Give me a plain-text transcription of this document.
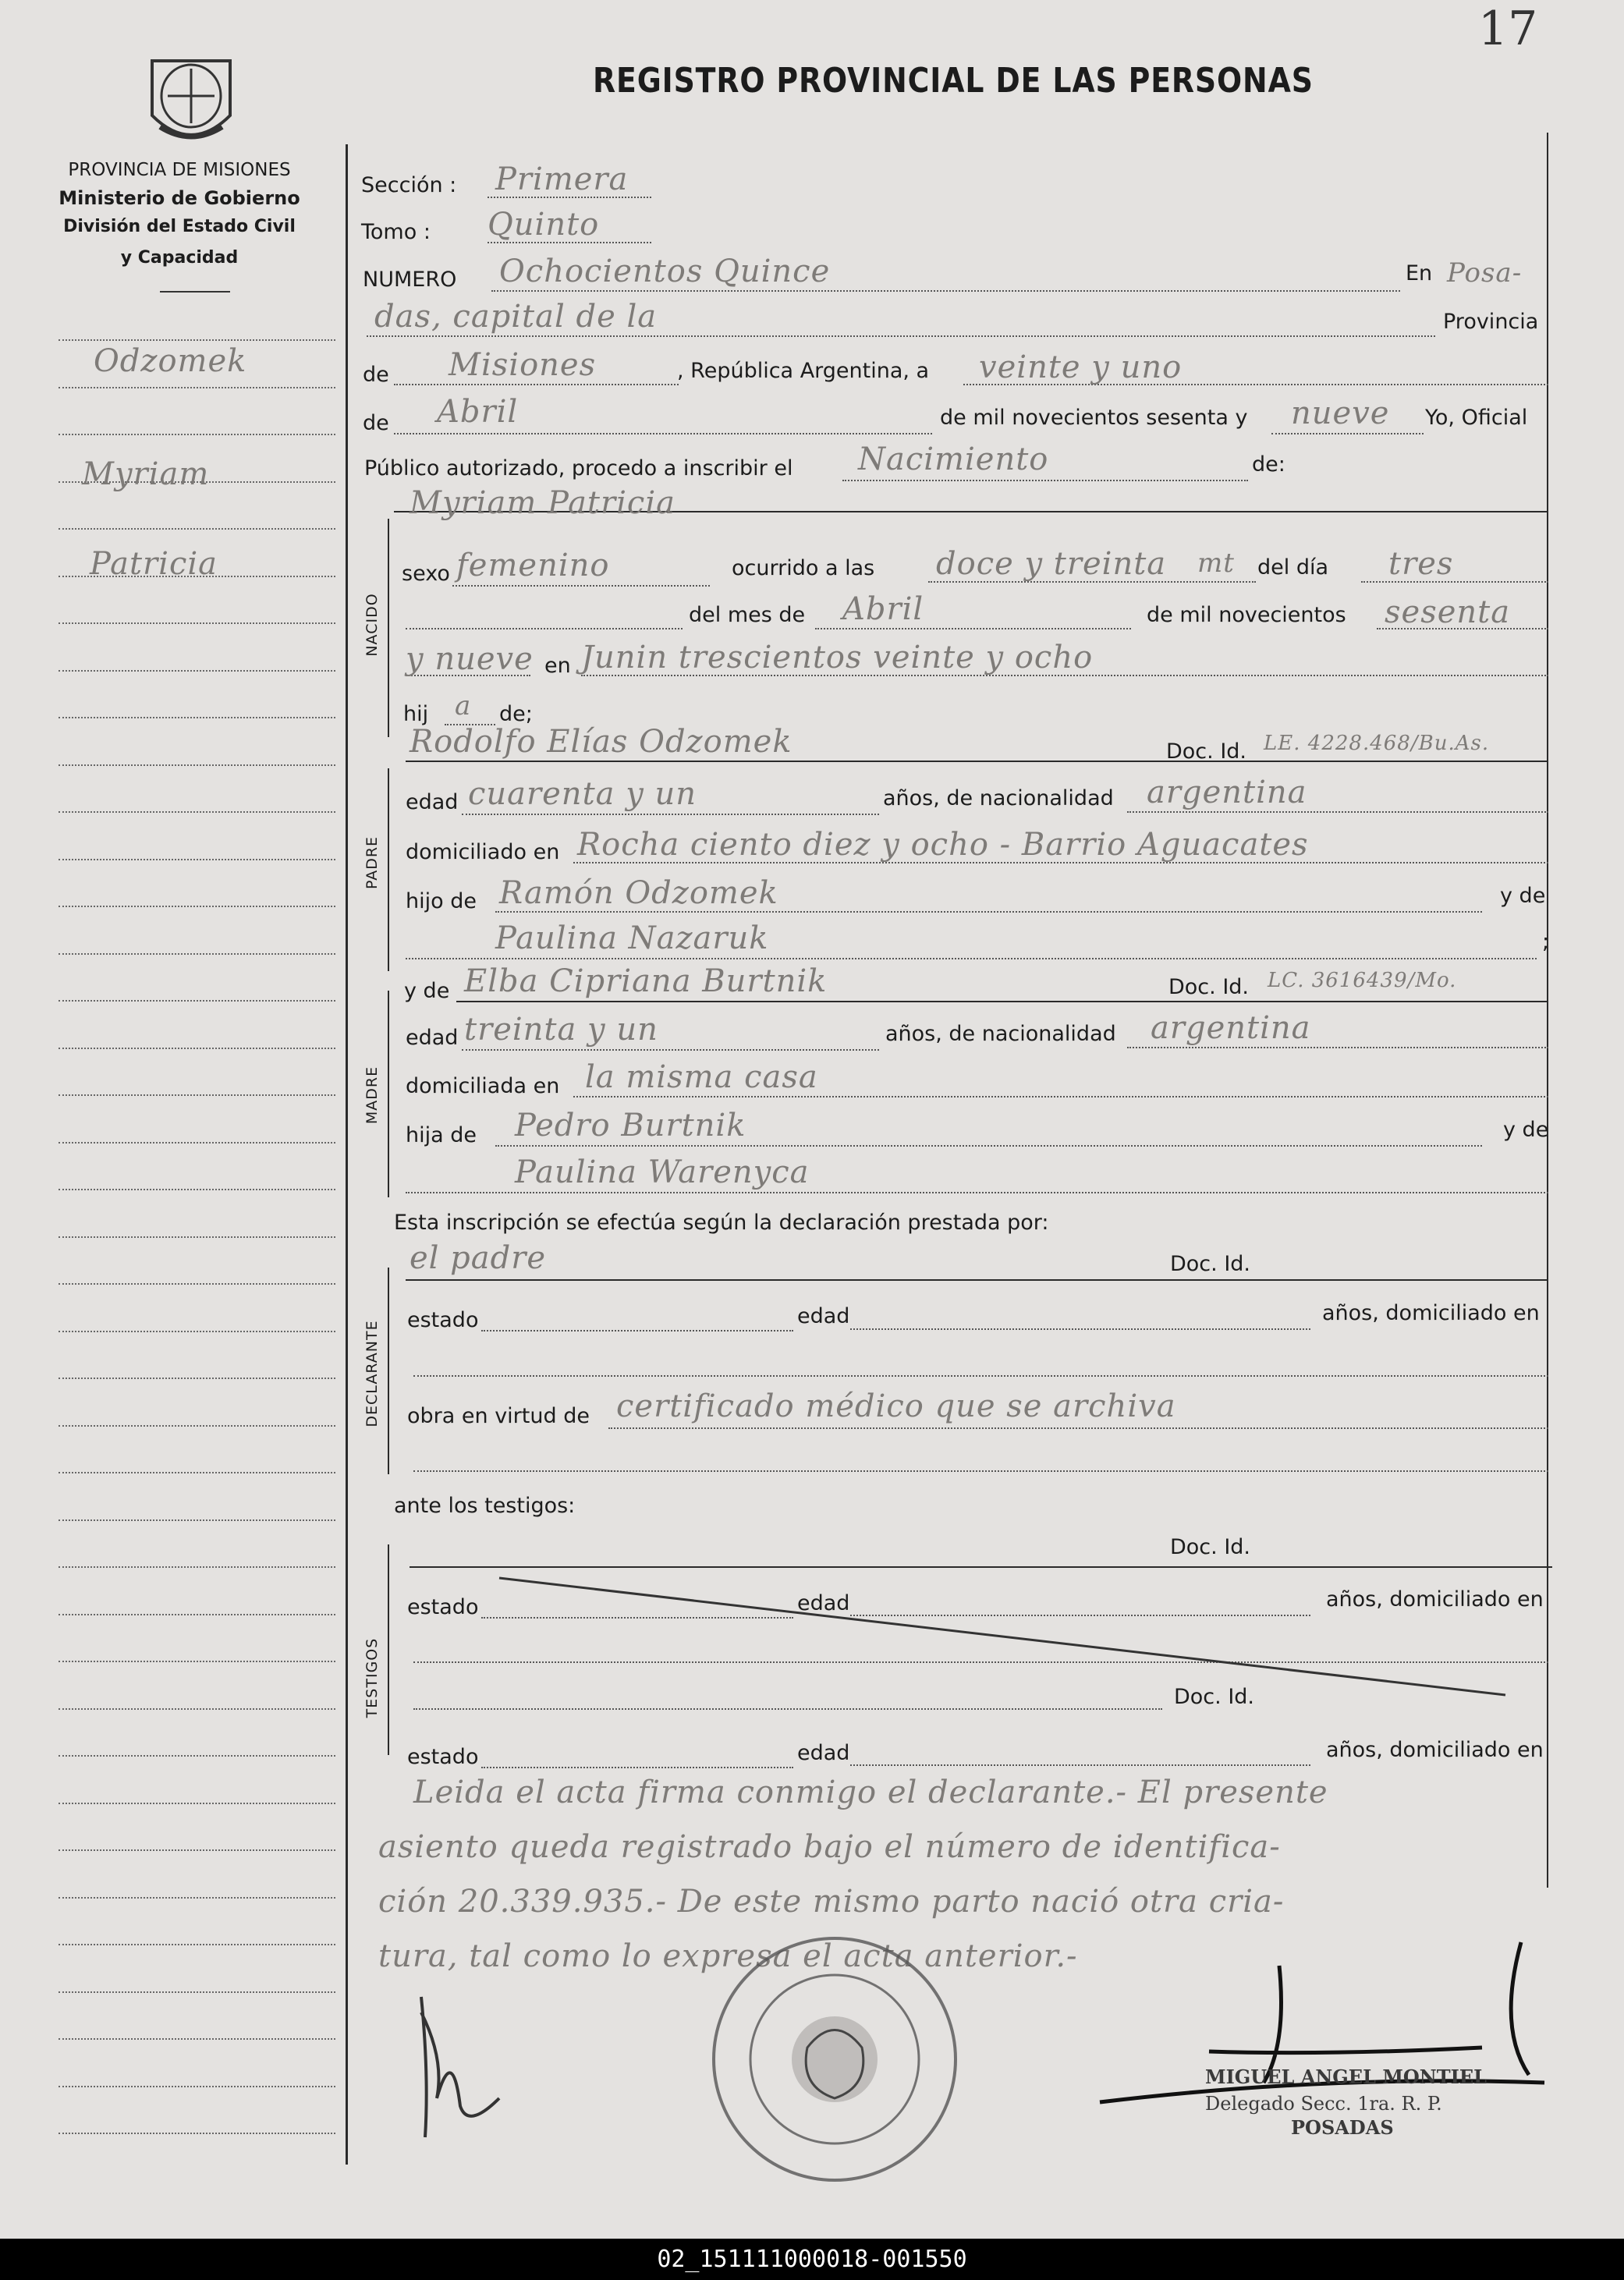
17
REGISTRO PROVINCIAL DE LAS PERSONAS
PROVINCIA DE MISIONES
Ministerio de Gobierno
División del Estado Civil
y Capacidad
Odzomek
Myriam
Patricia
Sección : Primera
Tomo : Quinto
NUMERO Ochocientos Quince	En Posa-
das, capital de la	Provincia
de Misiones	, República Argentina, a veinte y uno
de Abril	de mil novecientos sesenta y nueve Yo, Oficial
Público autorizado, procedo a inscribir el Nacimiento	de:
Myriam Patricia
NACIDO
sexo femenino	ocurrido a las doce y treinta mt del día tres
del mes de Abril	de mil novecientos sesenta
y nueve en Junin trescientos veinte y ocho
hij a de;
Rodolfo Elías Odzomek	Doc. Id. LE. 4228.468/Bu.As.
PADRE
edad cuarenta y un	años, de nacionalidad argentina
domiciliado en Rocha ciento diez y ocho - Barrio Aguacates
hijo de Ramón Odzomek	y de
Paulina Nazaruk	;
y de Elba Cipriana Burtnik	Doc. Id. LC. 3616439/Mo.
MADRE
edad treinta y un	años, de nacionalidad argentina
domiciliada en la misma casa
hija de Pedro Burtnik	y de
Paulina Warenyca
Esta inscripción se efectúa según la declaración prestada por:
el padre	Doc. Id.
DECLARANTE estado	edad	años, domiciliado en
obra en virtud de certificado médico que se archiva
ante los testigos:
Doc. Id.
TESTIGOS
estado	edad	años, domiciliado en
Doc. Id.
estado	edad	años, domiciliado en
Leida el acta firma conmigo el declarante.- El presente
asiento queda registrado bajo el número de identifica-
ción 20.339.935.- De este mismo parto nació otra cria-
tura, tal como lo expresa el acta anterior.-
MIGUEL ANGEL MONTIEL
Delegado Secc. 1ra. R. P.
POSADAS
02_151111000018-001550
